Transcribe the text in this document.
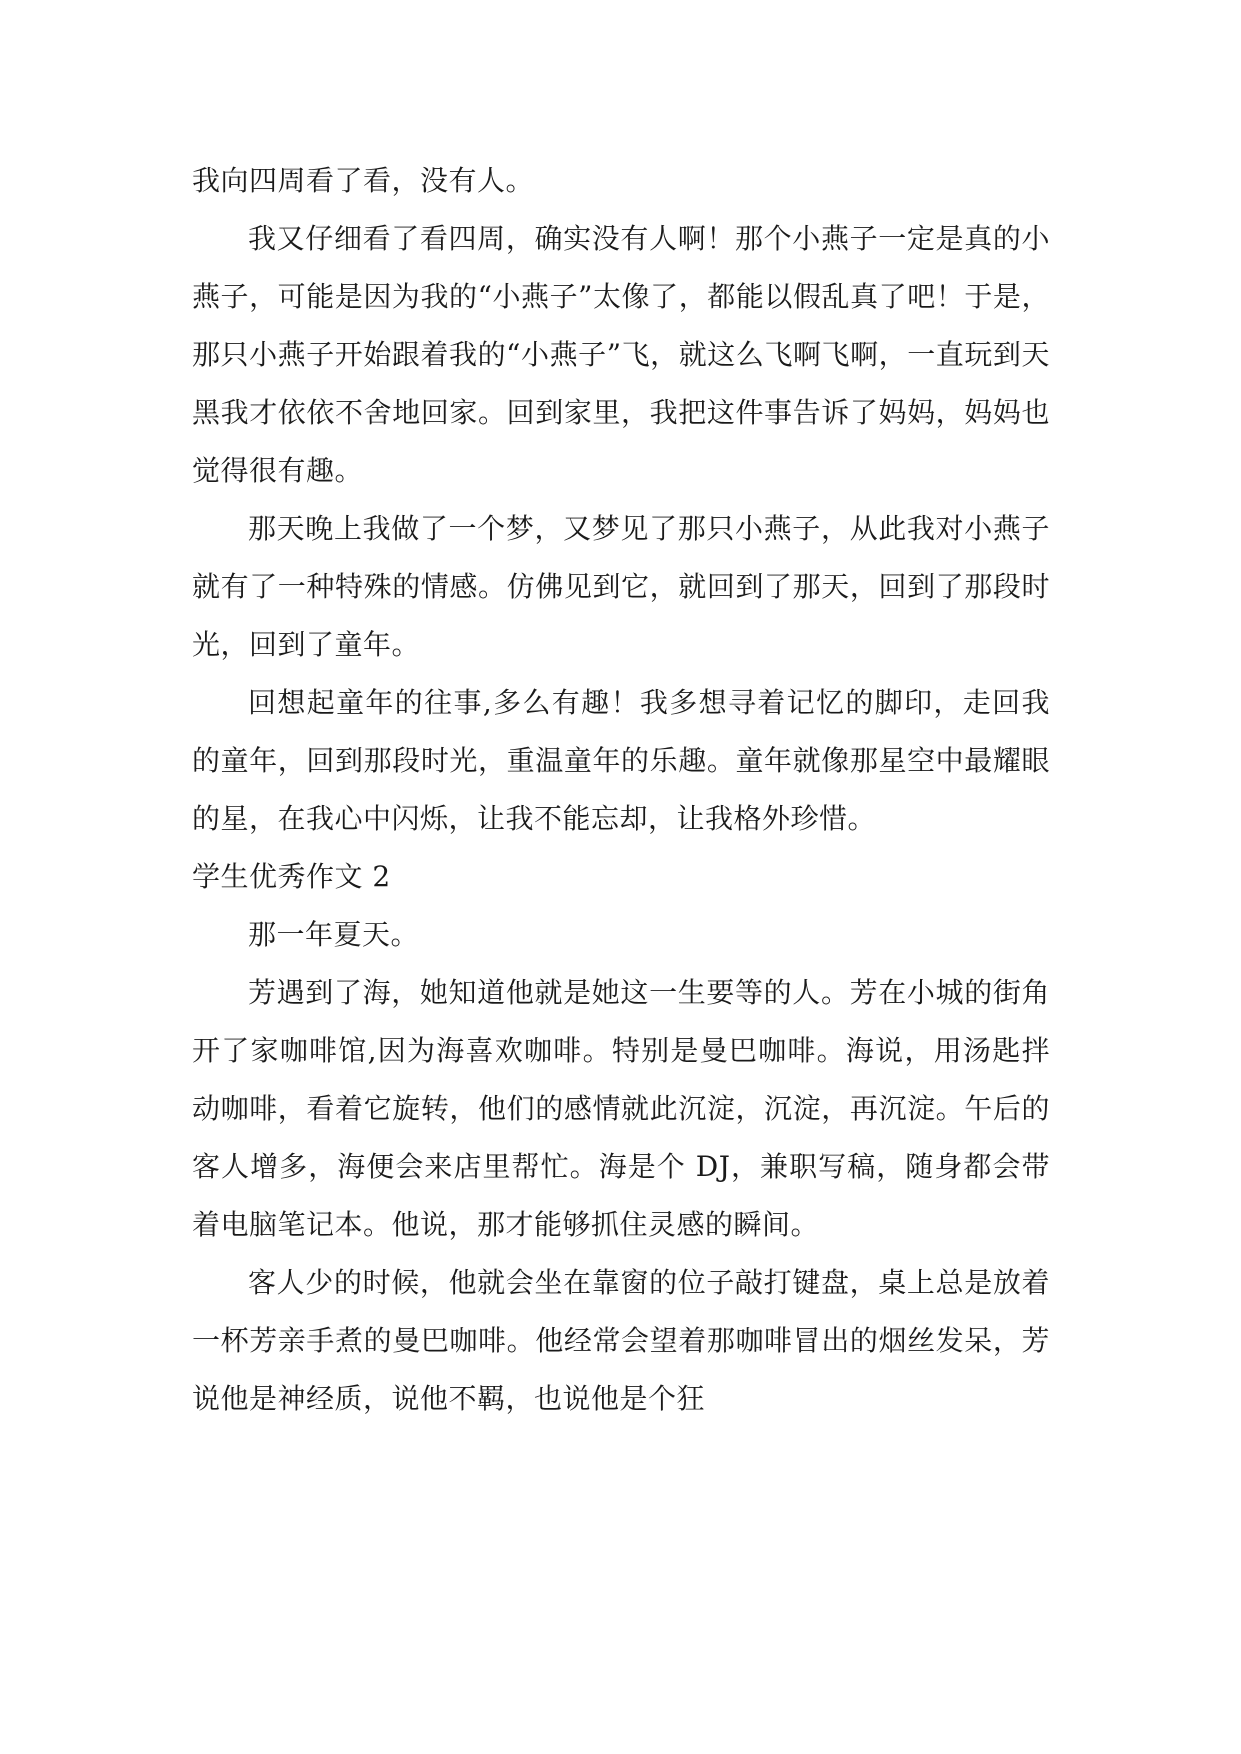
我向四周看了看，没有人。

我又仔细看了看四周，确实没有人啊！那个小燕子一定是真的小燕子，可能是因为我的“小燕子”太像了，都能以假乱真了吧！于是，那只小燕子开始跟着我的“小燕子”飞，就这么飞啊飞啊，一直玩到天黑我才依依不舍地回家。回到家里，我把这件事告诉了妈妈，妈妈也觉得很有趣。

那天晚上我做了一个梦，又梦见了那只小燕子，从此我对小燕子就有了一种特殊的情感。仿佛见到它，就回到了那天，回到了那段时光，回到了童年。

回想起童年的往事,多么有趣！我多想寻着记忆的脚印，走回我的童年，回到那段时光，重温童年的乐趣。童年就像那星空中最耀眼的星，在我心中闪烁，让我不能忘却，让我格外珍惜。

学生优秀作文 2

那一年夏天。

芳遇到了海，她知道他就是她这一生要等的人。芳在小城的街角开了家咖啡馆,因为海喜欢咖啡。特别是曼巴咖啡。海说，用汤匙拌动咖啡，看着它旋转，他们的感情就此沉淀，沉淀，再沉淀。午后的客人增多，海便会来店里帮忙。海是个 DJ，兼职写稿，随身都会带着电脑笔记本。他说，那才能够抓住灵感的瞬间。

客人少的时候，他就会坐在靠窗的位子敲打键盘，桌上总是放着一杯芳亲手煮的曼巴咖啡。他经常会望着那咖啡冒出的烟丝发呆，芳说他是神经质，说他不羁，也说他是个狂
